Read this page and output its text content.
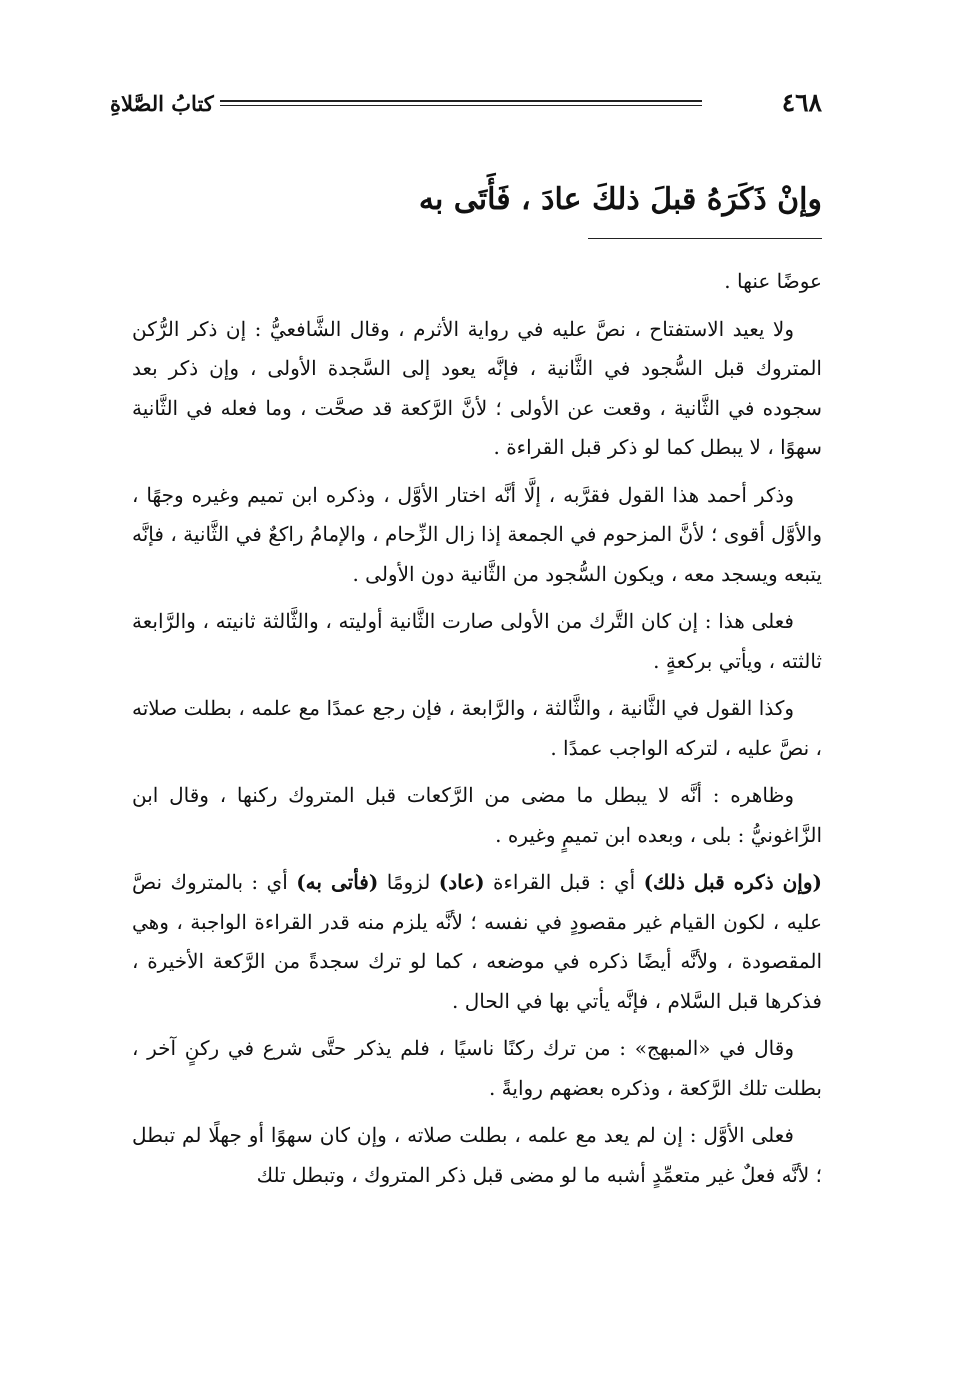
٤٦٨
كتابُ الصَّلاةِ
وإنْ ذَكَرَهُ قبلَ ذلكَ عادَ ، فَأَتَى به

عوضًا عنها .

ولا يعيد الاستفتاح ، نصَّ عليه في رواية الأثرم ، وقال الشَّافعيُّ : إن ذكر الرُّكن المتروك قبل السُّجود في الثَّانية ، فإنَّه يعود إلى السَّجدة الأولى ، وإن ذكر بعد سجوده في الثَّانية ، وقعت عن الأولى ؛ لأنَّ الرَّكعة قد صحَّت ، وما فعله في الثَّانية سهوًا ، لا يبطل كما لو ذكر قبل القراءة .

وذكر أحمد هذا القول فقرَّبه ، إلَّا أنَّه اختار الأوَّل ، وذكره ابن تميم وغيره وجهًا ، والأوَّل أقوى ؛ لأنَّ المزحوم في الجمعة إذا زال الزِّحام ، والإمامُ راكعٌ في الثَّانية ، فإنَّه يتبعه ويسجد معه ، ويكون السُّجود من الثَّانية دون الأولى .

فعلى هذا : إن كان التَّرك من الأولى صارت الثَّانية أوليته ، والثَّالثة ثانيته ، والرَّابعة ثالثته ، ويأتي بركعةٍ .

وكذا القول في الثَّانية ، والثَّالثة ، والرَّابعة ، فإن رجع عمدًا مع علمه ، بطلت صلاته ، نصَّ عليه ، لتركه الواجب عمدًا .

وظاهره : أنَّه لا يبطل ما مضى من الرَّكعات قبل المتروك ركنها ، وقال ابن الزَّاغونيُّ : بلى ، وبعده ابن تميمٍ وغيره .

(وإن ذكره قبل ذلك) أي : قبل القراءة (عاد) لزومًا (فأتى به) أي : بالمتروك نصَّ عليه ، لكون القيام غير مقصودٍ في نفسه ؛ لأنَّه يلزم منه قدر القراءة الواجبة ، وهي المقصودة ، ولأنَّه أيضًا ذكره في موضعه ، كما لو ترك سجدةً من الرَّكعة الأخيرة ، فذكرها قبل السَّلام ، فإنَّه يأتي بها في الحال .

وقال في «المبهج» : من ترك ركنًا ناسيًا ، فلم يذكر حتَّى شرع في ركنٍ آخر ، بطلت تلك الرَّكعة ، وذكره بعضهم روايةً .

فعلى الأوَّل : إن لم يعد مع علمه ، بطلت صلاته ، وإن كان سهوًا أو جهلًا لم تبطل ؛ لأنَّه فعلٌ غير متعمِّدٍ أشبه ما لو مضى قبل ذكر المتروك ، وتبطل تلك
